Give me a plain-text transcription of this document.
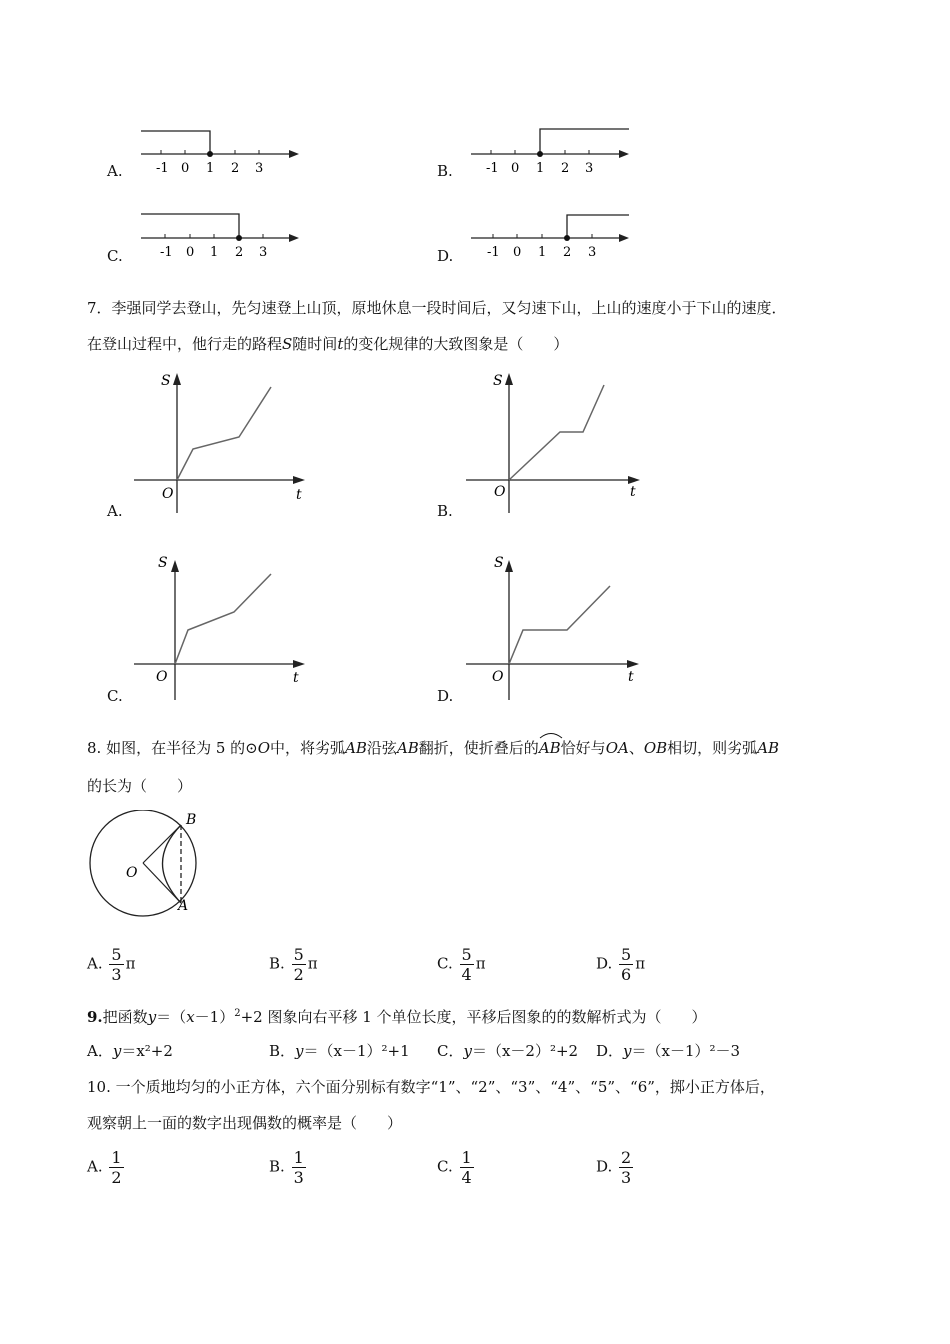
A.	-1 0 1 2 3	B.	-1 0 1 2 3
C.	-1 0 1 2 3	D.	-1 0 1 2 3
7．李强同学去登山，先匀速登上山顶，原地休息一段时间后，又匀速下山，上山的速度小于下山的速度．
在登山过程中，他行走的路程S随时间t的变化规律的大致图象是（　　）
A.
S
t
O
B.
S
t
O
C.
S
t
O
D.
S
t
O
8. 如图，在半径为 5 的⊙O中，将劣弧AB沿弦AB翻折，使折叠后的
AB恰好与OA、OB相切，则劣弧AB
的长为（　　）
B
A
O
A. $\frac{5}{3}$ π	B. $\frac{5}{2}$ π	C. $\frac{5}{4}$ π	D. $\frac{5}{6}$ π
9.把函数$y=(x-1)^2+2$ 图象向右平移 1 个单位长度，平移后图象的的数解析式为（　　）
A．y＝x²+2	B．y＝（x－1）²+1 C．y＝（x－2）²+2 D．y＝（x－1）²－3
10. 一个质地均匀的小正方体，六个面分别标有数字“1”、“2”、“3”、“4”、“5”、“6”，掷小正方体后，
观察朝上一面的数字出现偶数的概率是（　　）
A. $\frac{1}{2}$	B. $\frac{1}{3}$	C. $\frac{1}{4}$	D. $\frac{2}{3}$
